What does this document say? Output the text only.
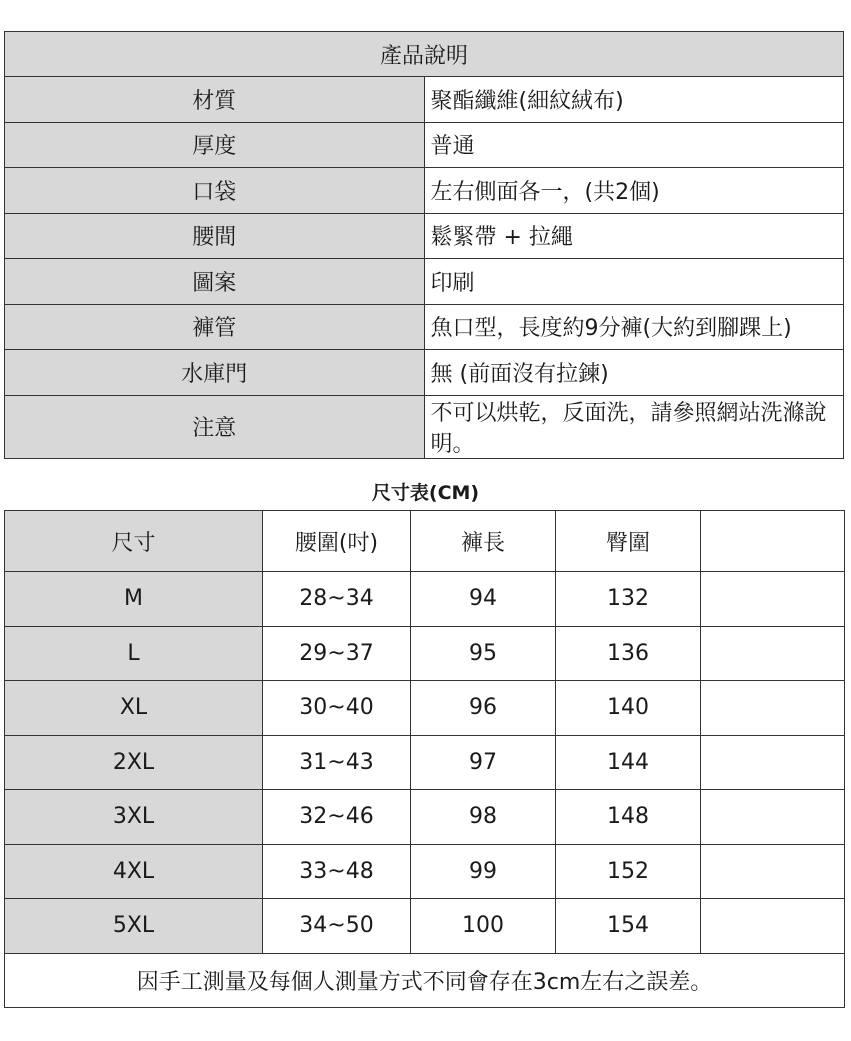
產品說明	
材質	聚酯纖維(細紋絨布)
厚度	普通
口袋	左右側面各一，(共2個)
腰間	鬆緊帶 + 拉繩
圖案	印刷
褲管	魚口型，長度約9分褲(大約到腳踝上)
水庫門	無 (前面沒有拉鍊)
注意	不可以烘乾，反面洗，請參照網站洗滌說明。
尺寸表(CM)
尺寸	腰圍(吋)	褲長	臀圍	
M	28~34	94	132	
L	29~37	95	136	
XL	30~40	96	140	
2XL	31~43	97	144	
3XL	32~46	98	148	
4XL	33~48	99	152	
5XL	34~50	100	154	
因手工測量及每個人測量方式不同會存在3cm左右之誤差。				
